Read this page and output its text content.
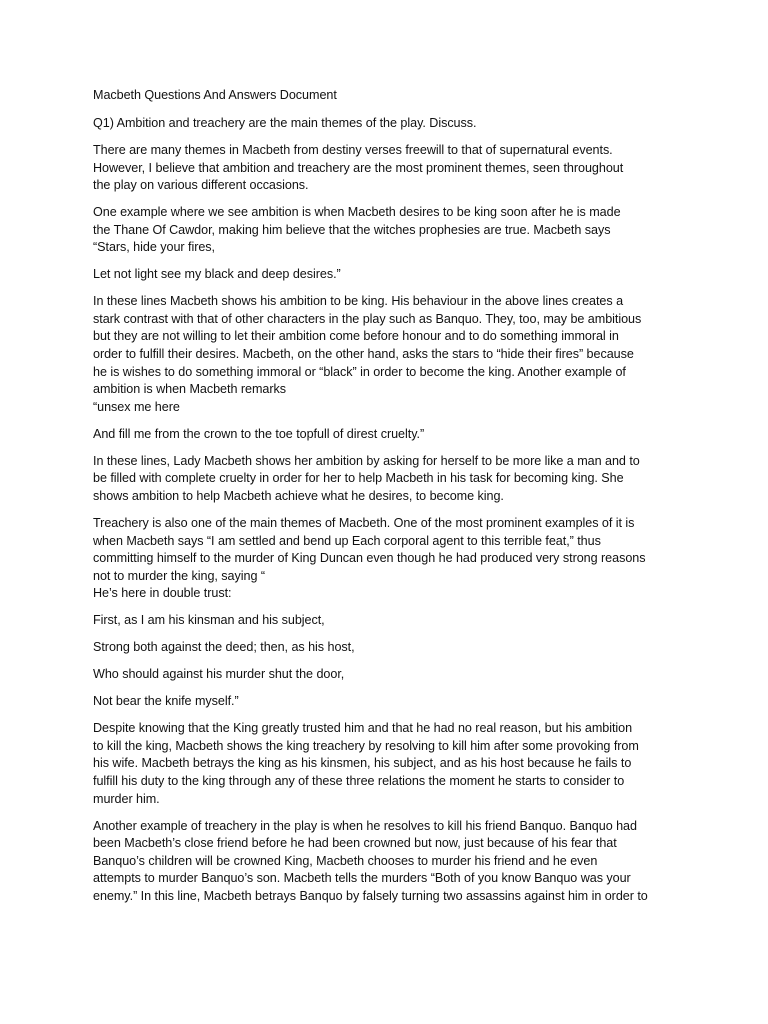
Macbeth Questions And Answers Document

Q1) Ambition and treachery are the main themes of the play. Discuss.

There are many themes in Macbeth from destiny verses freewill to that of supernatural events.
However, I believe that ambition and treachery are the most prominent themes, seen throughout
the play on various different occasions.

One example where we see ambition is when Macbeth desires to be king soon after he is made
the Thane Of Cawdor, making him believe that the witches prophesies are true. Macbeth says
“Stars, hide your fires,

Let not light see my black and deep desires.”

In these lines Macbeth shows his ambition to be king. His behaviour in the above lines creates a
stark contrast with that of other characters in the play such as Banquo. They, too, may be ambitious
but they are not willing to let their ambition come before honour and to do something immoral in
order to fulfill their desires. Macbeth, on the other hand, asks the stars to “hide their fires” because
he is wishes to do something immoral or “black” in order to become the king. Another example of
ambition is when Macbeth remarks
“unsex me here

And fill me from the crown to the toe topfull of direst cruelty.”

In these lines, Lady Macbeth shows her ambition by asking for herself to be more like a man and to
be filled with complete cruelty in order for her to help Macbeth in his task for becoming king. She
shows ambition to help Macbeth achieve what he desires, to become king.

Treachery is also one of the main themes of Macbeth. One of the most prominent examples of it is
when Macbeth says “I am settled and bend up Each corporal agent to this terrible feat,” thus
committing himself to the murder of King Duncan even though he had produced very strong reasons
not to murder the king, saying “
He’s here in double trust:

First, as I am his kinsman and his subject,

Strong both against the deed; then, as his host,

Who should against his murder shut the door,

Not bear the knife myself.”

Despite knowing that the King greatly trusted him and that he had no real reason, but his ambition
to kill the king, Macbeth shows the king treachery by resolving to kill him after some provoking from
his wife. Macbeth betrays the king as his kinsmen, his subject, and as his host because he fails to
fulfill his duty to the king through any of these three relations the moment he starts to consider to
murder him.

Another example of treachery in the play is when he resolves to kill his friend Banquo. Banquo had
been Macbeth’s close friend before he had been crowned but now, just because of his fear that
Banquo’s children will be crowned King, Macbeth chooses to murder his friend and he even
attempts to murder Banquo’s son. Macbeth tells the murders “Both of you know Banquo was your
enemy.” In this line, Macbeth betrays Banquo by falsely turning two assassins against him in order to
